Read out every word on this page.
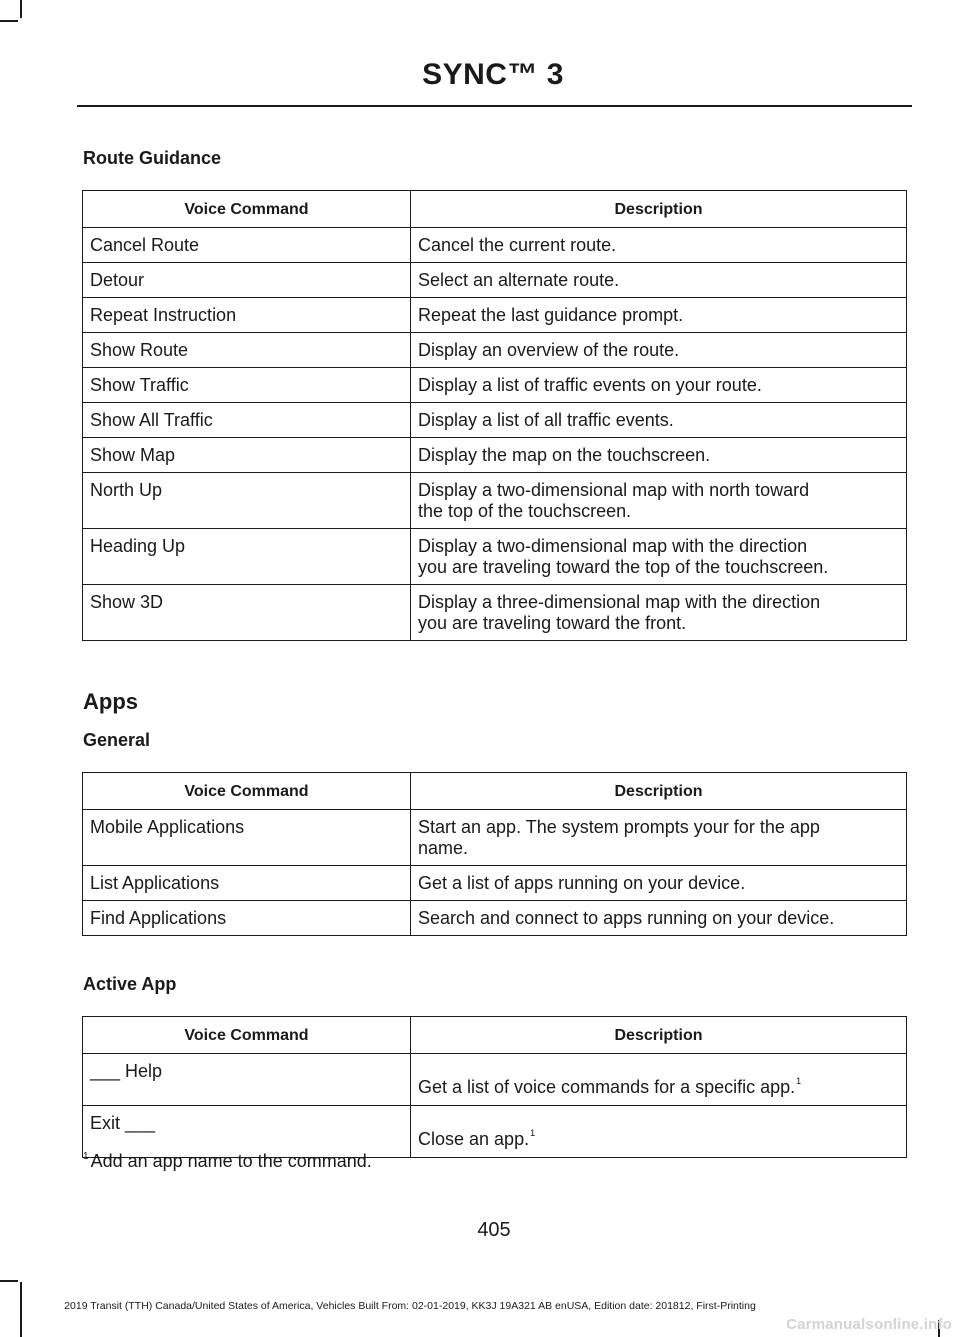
SYNC™ 3
Route Guidance
Voice Command	Description
Cancel Route	Cancel the current route.

Detour	Select an alternate route.

Repeat Instruction	Repeat the last guidance prompt.

Show Route	Display an overview of the route.

Show Traffic	Display a list of traffic events on your route.

Show All Traffic	Display a list of all traffic events.

Show Map	Display the map on the touchscreen.

North Up	Display a two-dimensional map with north toward
the top of the touchscreen.

Heading Up	Display a two-dimensional map with the direction
you are traveling toward the top of the touchscreen.

Show 3D	Display a three-dimensional map with the direction
you are traveling toward the front.
Apps
General
Voice Command	Description
Mobile Applications	Start an app. The system prompts your for the app
name.

List Applications	Get a list of apps running on your device.

Find Applications	Search and connect to apps running on your device.
Active App
Voice Command	Description
___ Help	Get a list of voice commands for a specific app.$^1$

Exit ___	Close an app.$^1$
$^1$ Add an app name to the command.
405
2019 Transit (TTH) Canada/United States of America, Vehicles Built From: 02-01-2019, KK3J 19A321 AB enUSA, Edition date: 201812, First-Printing
Carmanualsonline.info
